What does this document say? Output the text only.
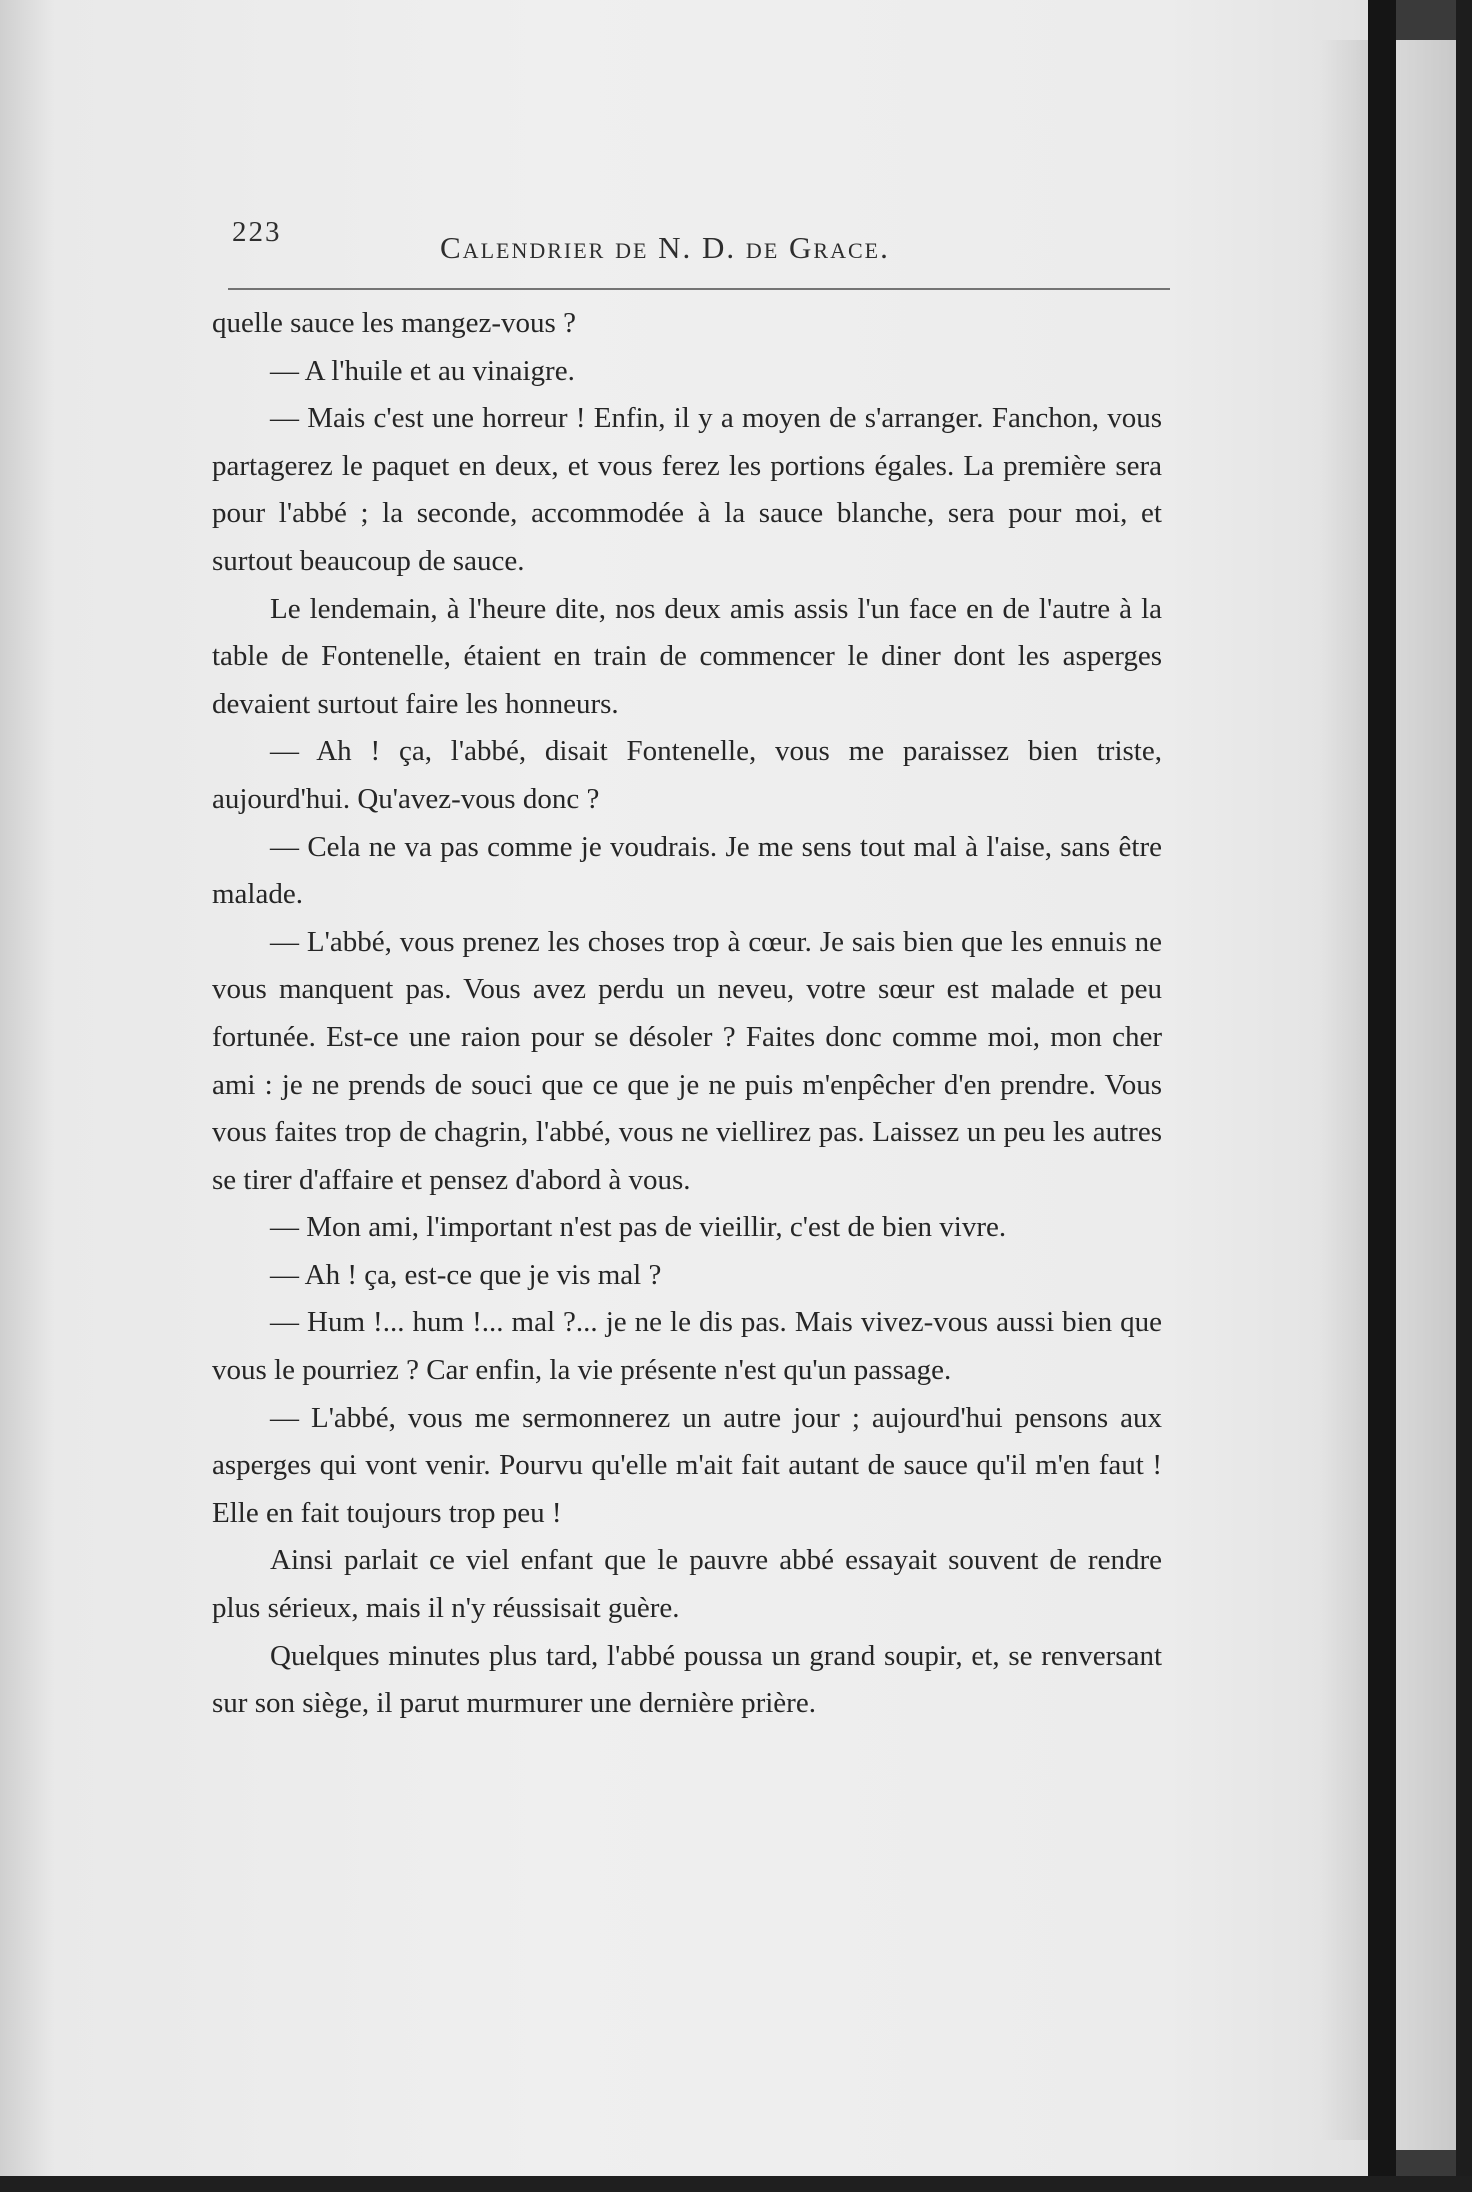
223	Calendrier de N. D. de Grace.

quelle sauce les mangez-vous ?

— A l'huile et au vinaigre.

— Mais c'est une horreur ! Enfin, il y a moyen de s'arranger. Fanchon, vous partagerez le paquet en deux, et vous ferez les portions égales. La première sera pour l'abbé ; la seconde, accommodée à la sauce blanche, sera pour moi, et surtout beaucoup de sauce.

Le lendemain, à l'heure dite, nos deux amis assis l'un face en de l'autre à la table de Fontenelle, étaient en train de commencer le diner dont les asperges devaient surtout faire les honneurs.

— Ah ! ça, l'abbé, disait Fontenelle, vous me paraissez bien triste, aujourd'hui. Qu'avez-vous donc ?

— Cela ne va pas comme je voudrais. Je me sens tout mal à l'aise, sans être malade.

— L'abbé, vous prenez les choses trop à cœur. Je sais bien que les ennuis ne vous manquent pas. Vous avez perdu un neveu, votre sœur est malade et peu fortunée. Est-ce une raion pour se désoler ? Faites donc comme moi, mon cher ami : je ne prends de souci que ce que je ne puis m'enpêcher d'en prendre. Vous vous faites trop de chagrin, l'abbé, vous ne viellirez pas. Laissez un peu les autres se tirer d'affaire et pensez d'abord à vous.

— Mon ami, l'important n'est pas de vieillir, c'est de bien vivre.

— Ah ! ça, est-ce que je vis mal ?

— Hum !... hum !... mal ?... je ne le dis pas. Mais vivez-vous aussi bien que vous le pourriez ? Car enfin, la vie présente n'est qu'un passage.

— L'abbé, vous me sermonnerez un autre jour ; aujourd'hui pensons aux asperges qui vont venir. Pourvu qu'elle m'ait fait autant de sauce qu'il m'en faut ! Elle en fait toujours trop peu !

Ainsi parlait ce viel enfant que le pauvre abbé essayait souvent de rendre plus sérieux, mais il n'y réussisait guère.

Quelques minutes plus tard, l'abbé poussa un grand soupir, et, se renversant sur son siège, il parut murmurer une dernière prière.
